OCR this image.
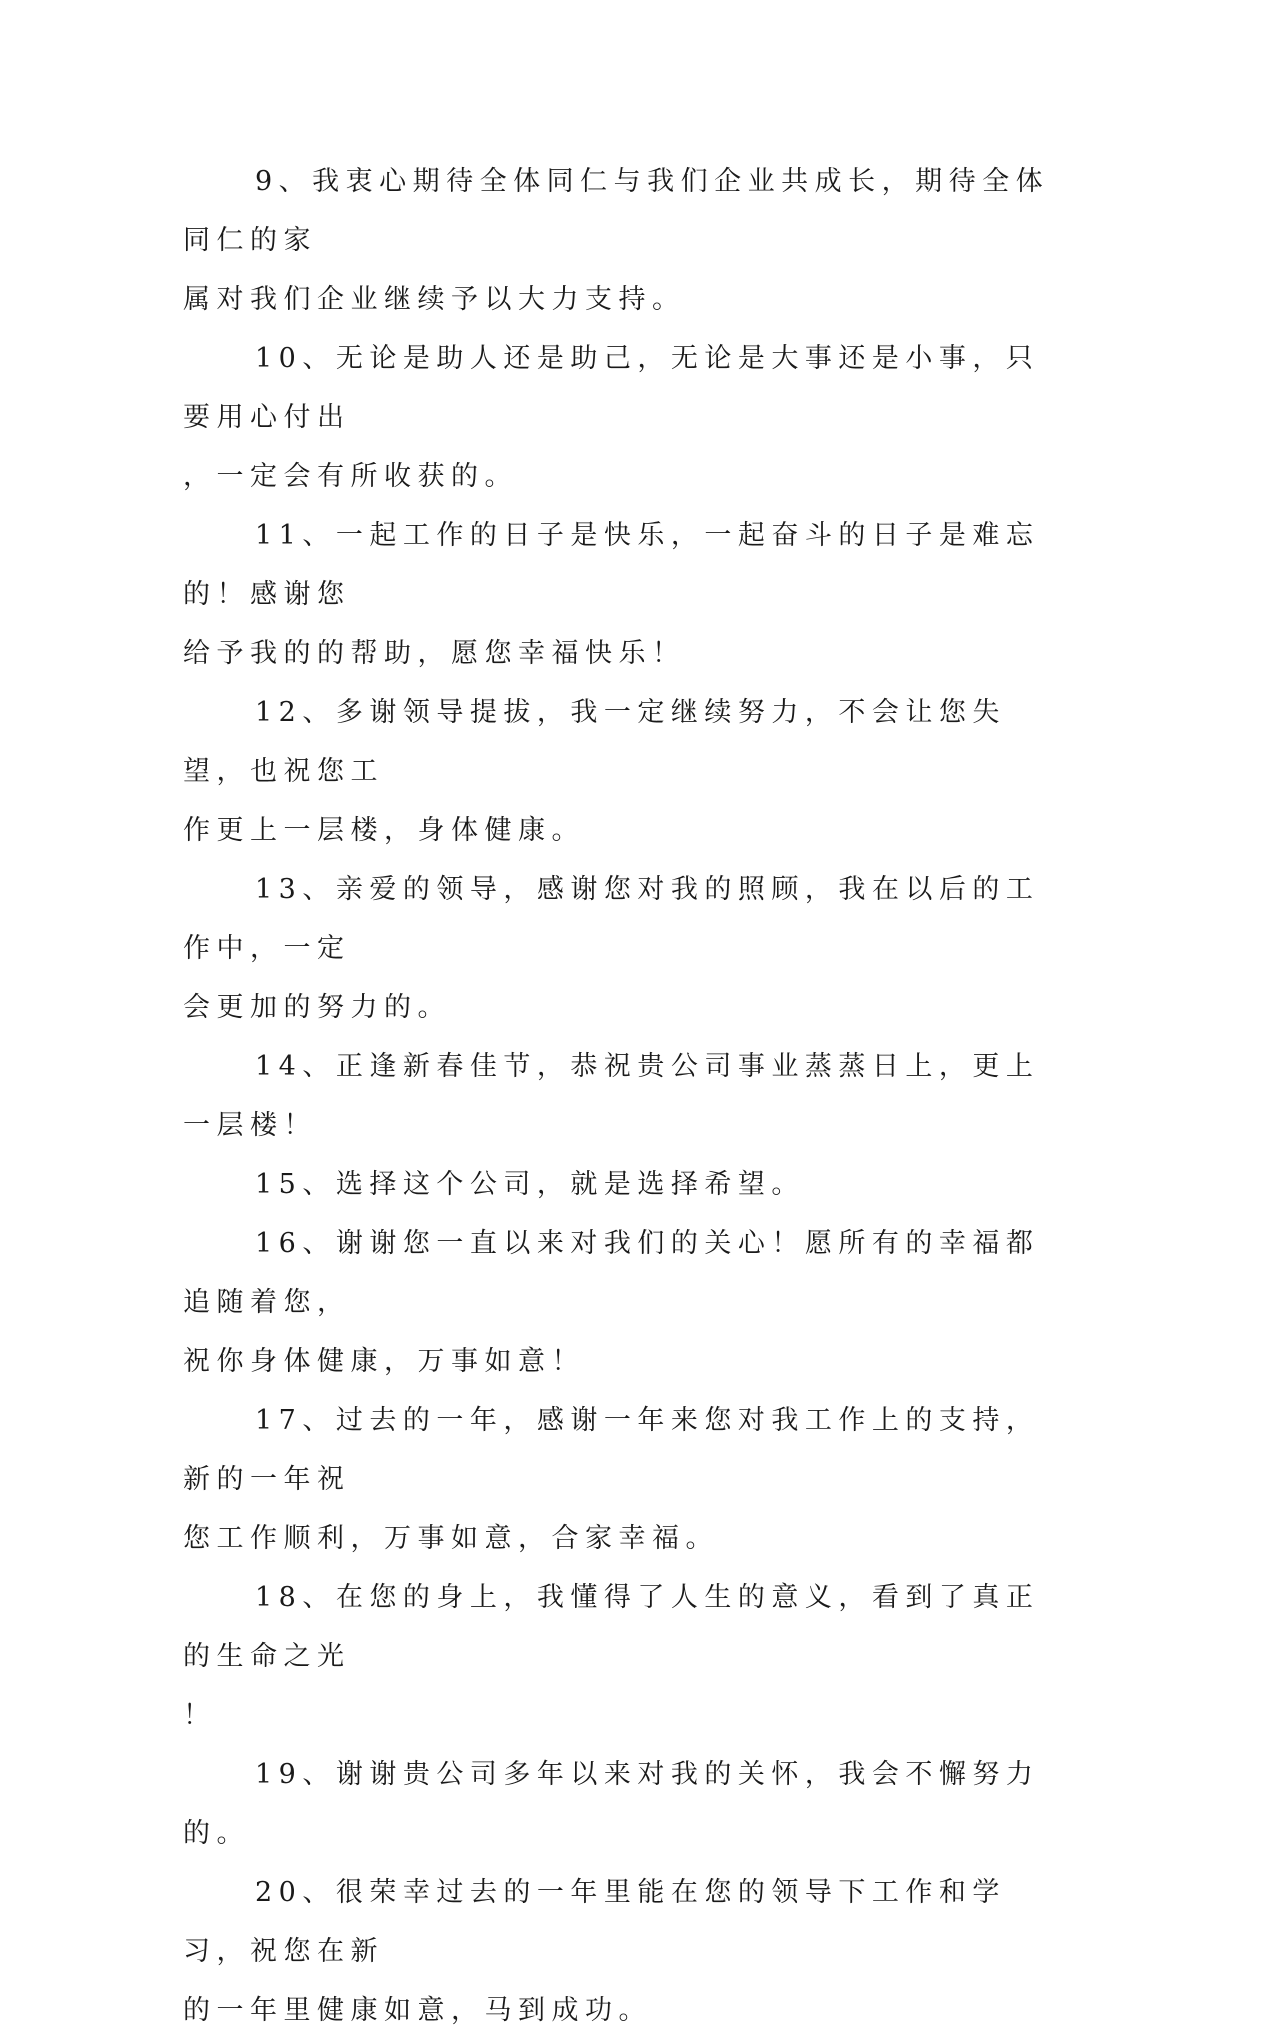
9、我衷心期待全体同仁与我们企业共成长，期待全体同仁的家
属对我们企业继续予以大力支持。

10、无论是助人还是助己，无论是大事还是小事，只要用心付出
，一定会有所收获的。

11、一起工作的日子是快乐，一起奋斗的日子是难忘的！感谢您
给予我的的帮助，愿您幸福快乐！

12、多谢领导提拔，我一定继续努力，不会让您失望，也祝您工
作更上一层楼，身体健康。

13、亲爱的领导，感谢您对我的照顾，我在以后的工作中，一定
会更加的努力的。

14、正逢新春佳节，恭祝贵公司事业蒸蒸日上，更上一层楼！

15、选择这个公司，就是选择希望。

16、谢谢您一直以来对我们的关心！愿所有的幸福都追随着您，
祝你身体健康，万事如意！

17、过去的一年，感谢一年来您对我工作上的支持，新的一年祝
您工作顺利，万事如意，合家幸福。

18、在您的身上，我懂得了人生的意义，看到了真正的生命之光
！

19、谢谢贵公司多年以来对我的关怀，我会不懈努力的。

20、很荣幸过去的一年里能在您的领导下工作和学习，祝您在新
的一年里健康如意，马到成功。
